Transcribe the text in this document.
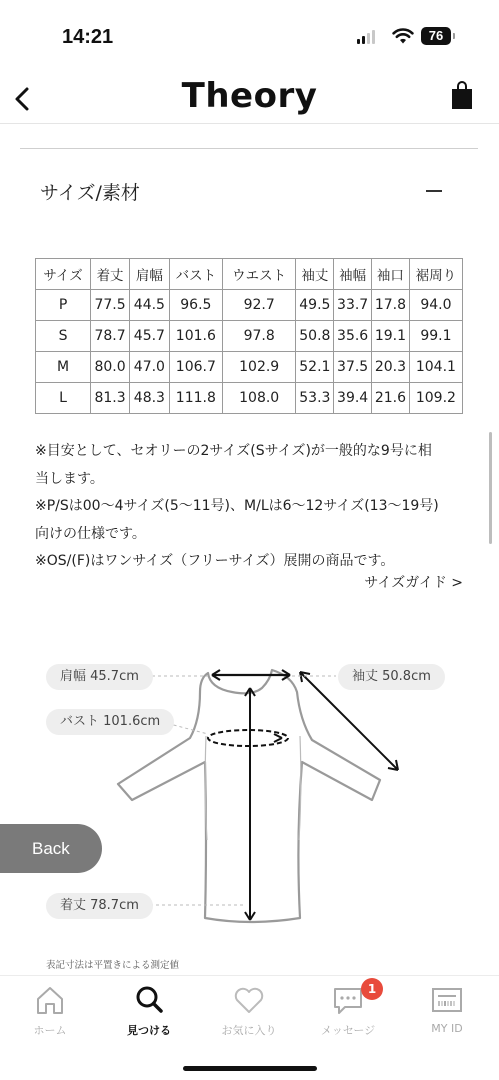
14:21	76
Theory
サイズ/素材
サイズ	着丈	肩幅	バスト	ウエスト	袖丈	袖幅	袖口	裾周り
P	77.5	44.5	96.5	92.7	49.5	33.7	17.8	94.0
S	78.7	45.7	101.6	97.8	50.8	35.6	19.1	99.1
M	80.0	47.0	106.7	102.9	52.1	37.5	20.3	104.1
L	81.3	48.3	111.8	108.0	53.3	39.4	21.6	109.2
※目安として、セオリーの2サイズ(Sサイズ)が一般的な9号に相
当します。
※P/Sは00〜4サイズ(5〜11号)、M/Lは6〜12サイズ(13〜19号)
向けの仕様です。
※OS/(F)はワンサイズ（フリーサイズ）展開の商品です。
サイズガイド >
肩幅 45.7cm	袖丈 50.8cm
バスト 101.6cm
着丈 78.7cm
表記寸法は平置きによる測定値
Back
ホーム	見つける	お気に入り
1
メッセージ	MY ID
